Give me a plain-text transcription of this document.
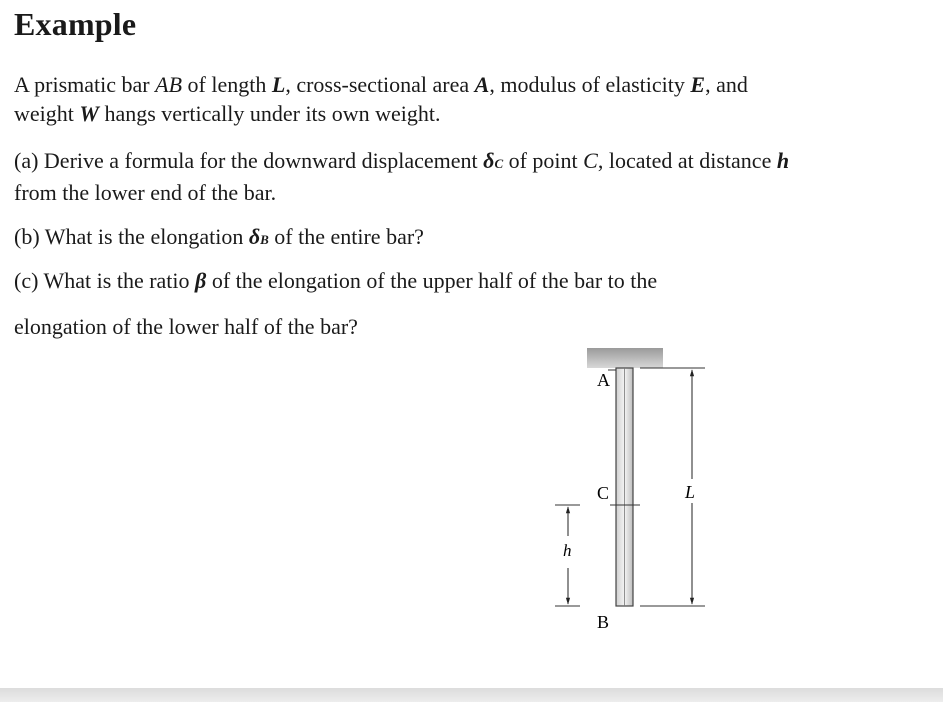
Example

A prismatic bar AB of length L, cross-sectional area A, modulus of elasticity E, and
weight W hangs vertically under its own weight.

(a) Derive a formula for the downward displacement δC of point C, located at distance h
from the lower end of the bar.

(b) What is the elongation δB of the entire bar?

(c) What is the ratio β of the elongation of the upper half of the bar to the

elongation of the lower half of the bar?

A
C
B
L
h
